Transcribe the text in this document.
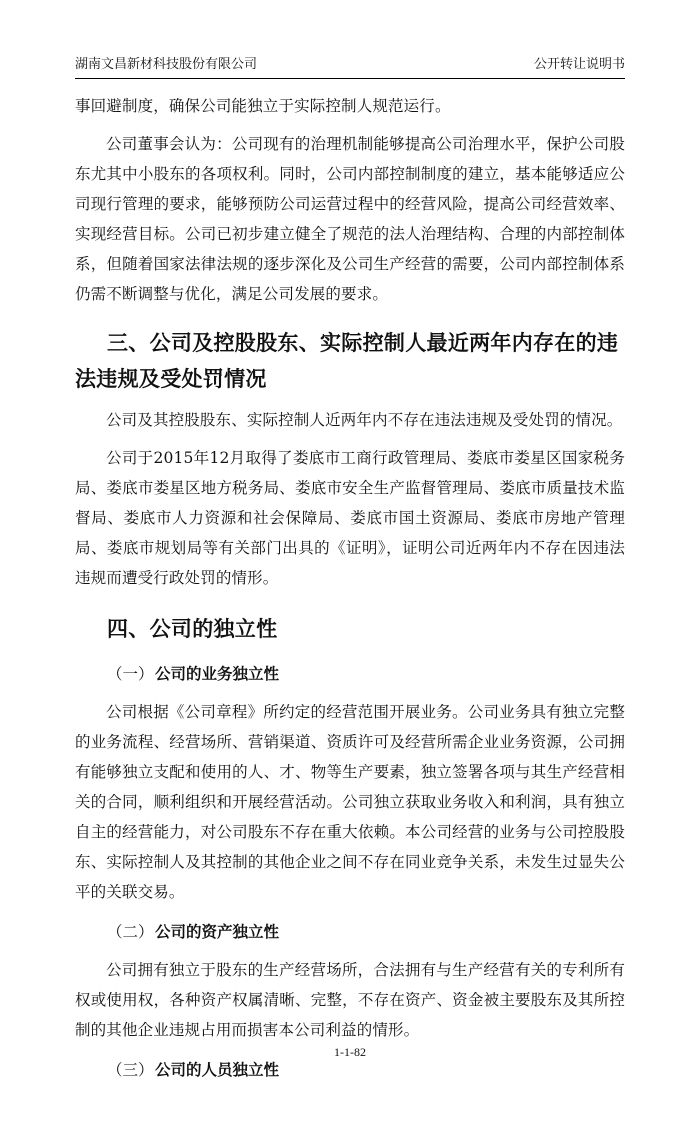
湖南文昌新材科技股份有限公司	公开转让说明书

事回避制度，确保公司能独立于实际控制人规范运行。

公司董事会认为：公司现有的治理机制能够提高公司治理水平，保护公司股东尤其中小股东的各项权利。同时，公司内部控制制度的建立，基本能够适应公司现行管理的要求，能够预防公司运营过程中的经营风险，提高公司经营效率、实现经营目标。公司已初步建立健全了规范的法人治理结构、合理的内部控制体系，但随着国家法律法规的逐步深化及公司生产经营的需要，公司内部控制体系仍需不断调整与优化，满足公司发展的要求。

三、公司及控股股东、实际控制人最近两年内存在的违法违规及受处罚情况

公司及其控股股东、实际控制人近两年内不存在违法违规及受处罚的情况。

公司于2015年12月取得了娄底市工商行政管理局、娄底市娄星区国家税务局、娄底市娄星区地方税务局、娄底市安全生产监督管理局、娄底市质量技术监督局、娄底市人力资源和社会保障局、娄底市国土资源局、娄底市房地产管理局、娄底市规划局等有关部门出具的《证明》，证明公司近两年内不存在因违法违规而遭受行政处罚的情形。

四、公司的独立性
（一）公司的业务独立性

公司根据《公司章程》所约定的经营范围开展业务。公司业务具有独立完整的业务流程、经营场所、营销渠道、资质许可及经营所需企业业务资源，公司拥有能够独立支配和使用的人、才、物等生产要素，独立签署各项与其生产经营相关的合同，顺利组织和开展经营活动。公司独立获取业务收入和利润，具有独立自主的经营能力，对公司股东不存在重大依赖。本公司经营的业务与公司控股股东、实际控制人及其控制的其他企业之间不存在同业竞争关系，未发生过显失公平的关联交易。

（二）公司的资产独立性

公司拥有独立于股东的生产经营场所，合法拥有与生产经营有关的专利所有权或使用权，各种资产权属清晰、完整，不存在资产、资金被主要股东及其所控制的其他企业违规占用而损害本公司利益的情形。

（三）公司的人员独立性
1-1-82
